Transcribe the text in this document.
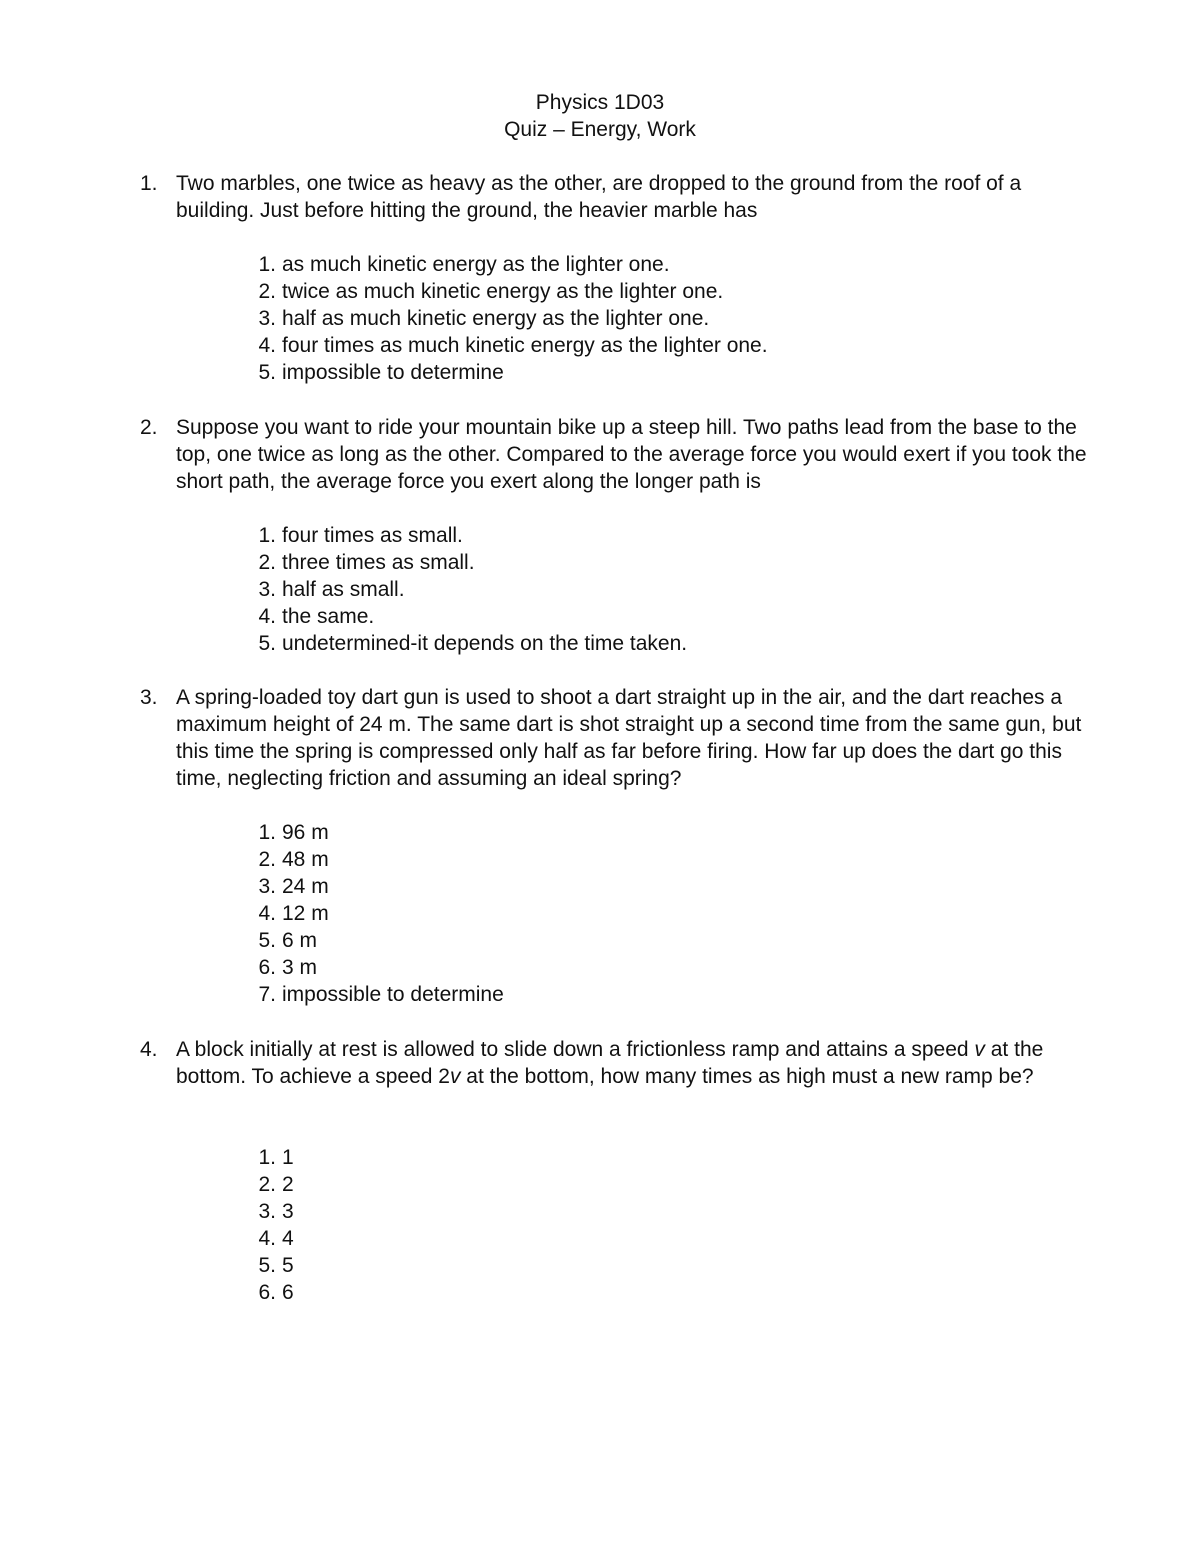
Physics 1D03
Quiz – Energy, Work
1. Two marbles, one twice as heavy as the other, are dropped to the ground from the roof of a building. Just before hitting the ground, the heavier marble has
1. as much kinetic energy as the lighter one.
2. twice as much kinetic energy as the lighter one.
3. half as much kinetic energy as the lighter one.
4. four times as much kinetic energy as the lighter one.
5. impossible to determine
2. Suppose you want to ride your mountain bike up a steep hill. Two paths lead from the base to the top, one twice as long as the other. Compared to the average force you would exert if you took the short path, the average force you exert along the longer path is
1. four times as small.
2. three times as small.
3. half as small.
4. the same.
5. undetermined-it depends on the time taken.
3. A spring-loaded toy dart gun is used to shoot a dart straight up in the air, and the dart reaches a maximum height of 24 m. The same dart is shot straight up a second time from the same gun, but this time the spring is compressed only half as far before firing. How far up does the dart go this time, neglecting friction and assuming an ideal spring?
1. 96 m
2. 48 m
3. 24 m
4. 12 m
5. 6 m
6. 3 m
7. impossible to determine
4. A block initially at rest is allowed to slide down a frictionless ramp and attains a speed v at the bottom. To achieve a speed 2v at the bottom, how many times as high must a new ramp be?
1. 1
2. 2
3. 3
4. 4
5. 5
6. 6
